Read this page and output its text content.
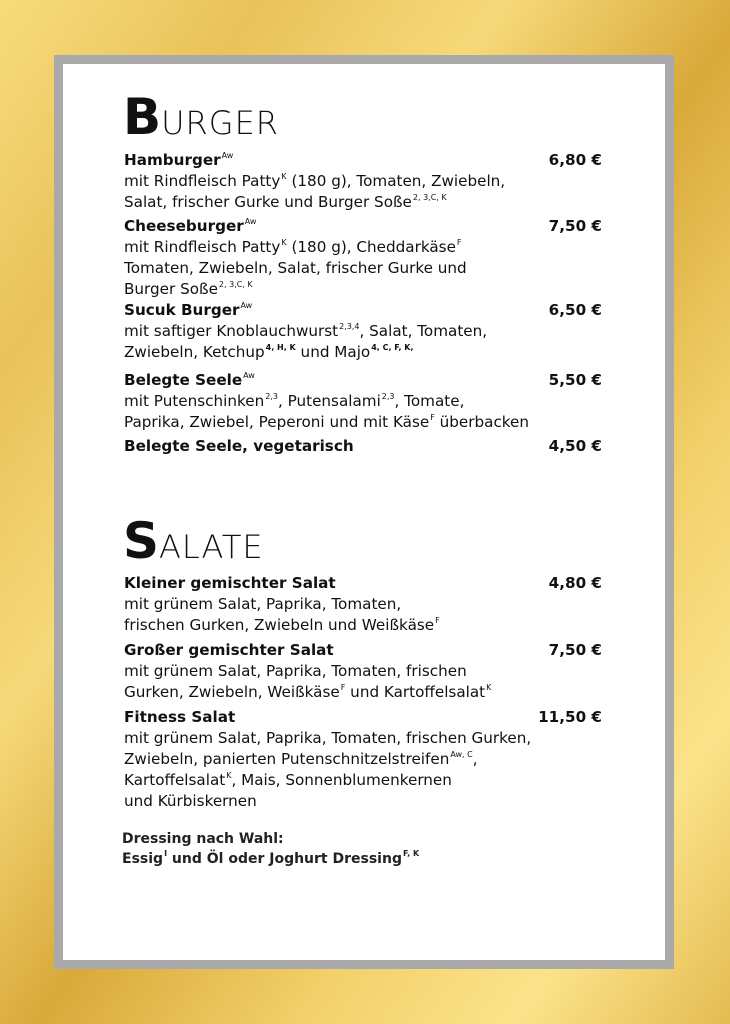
BURGER
Hamburger$^{Aw}$	6,80 €
mit Rindfleisch Patty$^K$ (180 g), Tomaten, Zwiebeln,
Salat, frischer Gurke und Burger Soße$^{2, 3,C, K}$
Cheeseburger$^{Aw}$	7,50 €
mit Rindfleisch Patty$^K$ (180 g), Cheddarkäse$^F$
Tomaten, Zwiebeln, Salat, frischer Gurke und
Burger Soße$^{2, 3,C, K}$
Sucuk Burger$^{Aw}$	6,50 €
mit saftiger Knoblauchwurst$^{2,3,4}$, Salat, Tomaten,
Zwiebeln, Ketchup$^{4, H, K}$ und Majo$^{4, C, F, K,}$
Belegte Seele$^{Aw}$	5,50 €
mit Putenschinken$^{2,3}$, Putensalami$^{2,3}$, Tomate,
Paprika, Zwiebel, Peperoni und mit Käse$^F$ überbacken
Belegte Seele, vegetarisch	4,50 €
SALATE
Kleiner gemischter Salat	4,80 €
mit grünem Salat, Paprika, Tomaten,
frischen Gurken, Zwiebeln und Weißkäse$^F$
Großer gemischter Salat	7,50 €
mit grünem Salat, Paprika, Tomaten, frischen
Gurken, Zwiebeln, Weißkäse$^F$ und Kartoffelsalat$^K$
Fitness Salat	11,50 €
mit grünem Salat, Paprika, Tomaten, frischen Gurken,
Zwiebeln, panierten Putenschnitzelstreifen$^{Aw, C}$,
Kartoffelsalat$^K$, Mais, Sonnenblumenkernen
und Kürbiskernen
Dressing nach Wahl:
Essig$^I$ und Öl oder Joghurt Dressing$^{F, K}$
